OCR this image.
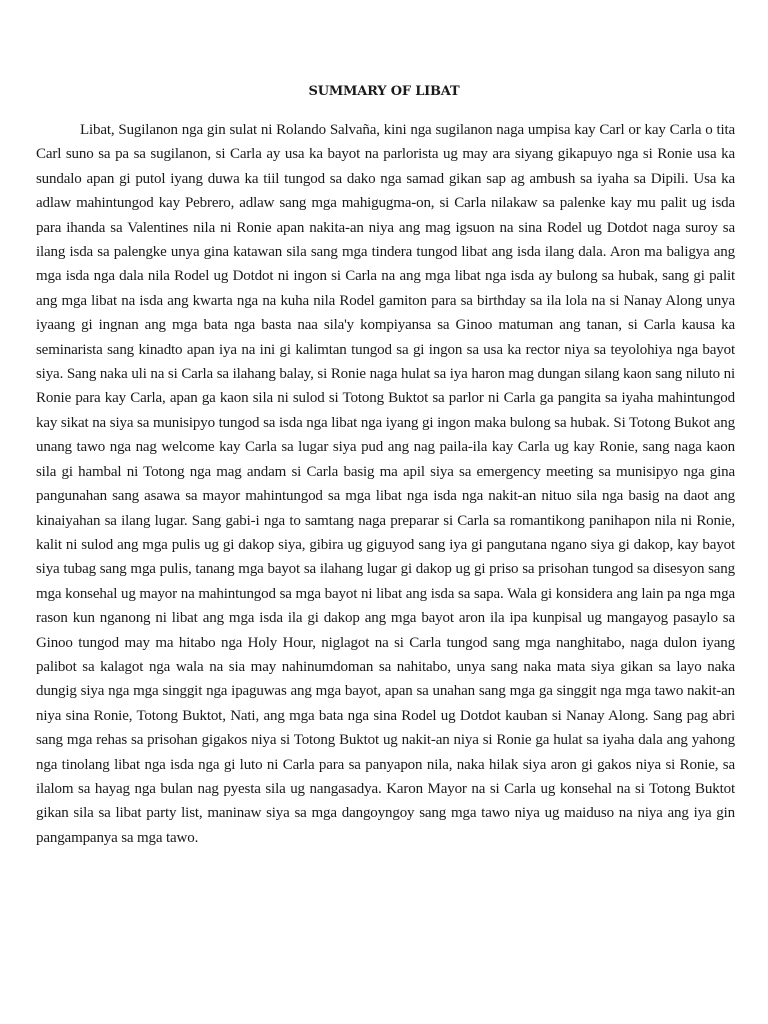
SUMMARY OF LIBAT

Libat, Sugilanon nga gin sulat ni Rolando Salvaña, kini nga sugilanon naga umpisa kay Carl or kay Carla o tita Carl suno sa pa sa sugilanon, si Carla ay usa ka bayot na parlorista ug may ara siyang gikapuyo nga si Ronie usa ka sundalo apan gi putol iyang duwa ka tiil tungod sa dako nga samad gikan sap ag ambush sa iyaha sa Dipili. Usa ka adlaw mahintungod kay Pebrero, adlaw sang mga mahigugma-on, si Carla nilakaw sa palenke kay mu palit ug isda para ihanda sa Valentines nila ni Ronie apan nakita-an niya ang mag igsuon na sina Rodel ug Dotdot naga suroy sa ilang isda sa palengke unya gina katawan sila sang mga tindera tungod libat ang isda ilang dala. Aron ma baligya ang mga isda nga dala nila Rodel ug Dotdot ni ingon si Carla na ang mga libat nga isda ay bulong sa hubak, sang gi palit ang mga libat na isda ang kwarta nga na kuha nila Rodel gamiton para sa birthday sa ila lola na si Nanay Along unya iyaang gi ingnan ang mga bata nga basta naa sila'y kompiyansa sa Ginoo matuman ang tanan, si Carla kausa ka seminarista sang kinadto apan iya na ini gi kalimtan tungod sa gi ingon sa usa ka rector niya sa teyolohiya nga bayot siya. Sang naka uli na si Carla sa ilahang balay, si Ronie naga hulat sa iya haron mag dungan silang kaon sang niluto ni Ronie para kay Carla, apan ga kaon sila ni sulod si Totong Buktot sa parlor ni Carla ga pangita sa iyaha mahintungod kay sikat na siya sa munisipyo tungod sa isda nga libat nga iyang gi ingon maka bulong sa hubak. Si Totong Bukot ang unang tawo nga nag welcome kay Carla sa lugar siya pud ang nag paila-ila kay Carla ug kay Ronie, sang naga kaon sila gi hambal ni Totong nga mag andam si Carla basig ma apil siya sa emergency meeting sa munisipyo nga gina pangunahan sang asawa sa mayor mahintungod sa mga libat nga isda nga nakit-an nituo sila nga basig na daot ang kinaiyahan sa ilang lugar. Sang gabi-i nga to samtang naga preparar si Carla sa romantikong panihapon nila ni Ronie, kalit ni sulod ang mga pulis ug gi dakop siya, gibira ug giguyod sang iya gi pangutana ngano siya gi dakop, kay bayot siya tubag sang mga pulis, tanang mga bayot sa ilahang lugar gi dakop ug gi priso sa prisohan tungod sa disesyon sang mga konsehal ug mayor na mahintungod sa mga bayot ni libat ang isda sa sapa. Wala gi konsidera ang lain pa nga mga rason kun nganong ni libat ang mga isda ila gi dakop ang mga bayot aron ila ipa kunpisal ug mangayog pasaylo sa Ginoo tungod may ma hitabo nga Holy Hour, niglagot na si Carla tungod sang mga nanghitabo, naga dulon iyang palibot sa kalagot nga wala na sia may nahinumdoman sa nahitabo, unya sang naka mata siya gikan sa layo naka dungig siya nga mga singgit nga ipaguwas ang mga bayot, apan sa unahan sang mga ga singgit nga mga tawo nakit-an niya sina Ronie, Totong Buktot, Nati, ang mga bata nga sina Rodel ug Dotdot kauban si Nanay Along. Sang pag abri sang mga rehas sa prisohan gigakos niya si Totong Buktot ug nakit-an niya si Ronie ga hulat sa iyaha dala ang yahong nga tinolang libat nga isda nga gi luto ni Carla para sa panyapon nila, naka hilak siya aron gi gakos niya si Ronie, sa ilalom sa hayag nga bulan nag pyesta sila ug nangasadya. Karon Mayor na si Carla ug konsehal na si Totong Buktot gikan sila sa libat party list, maninaw siya sa mga dangoyngoy sang mga tawo niya ug maiduso na niya ang iya gin pangampanya sa mga tawo.
